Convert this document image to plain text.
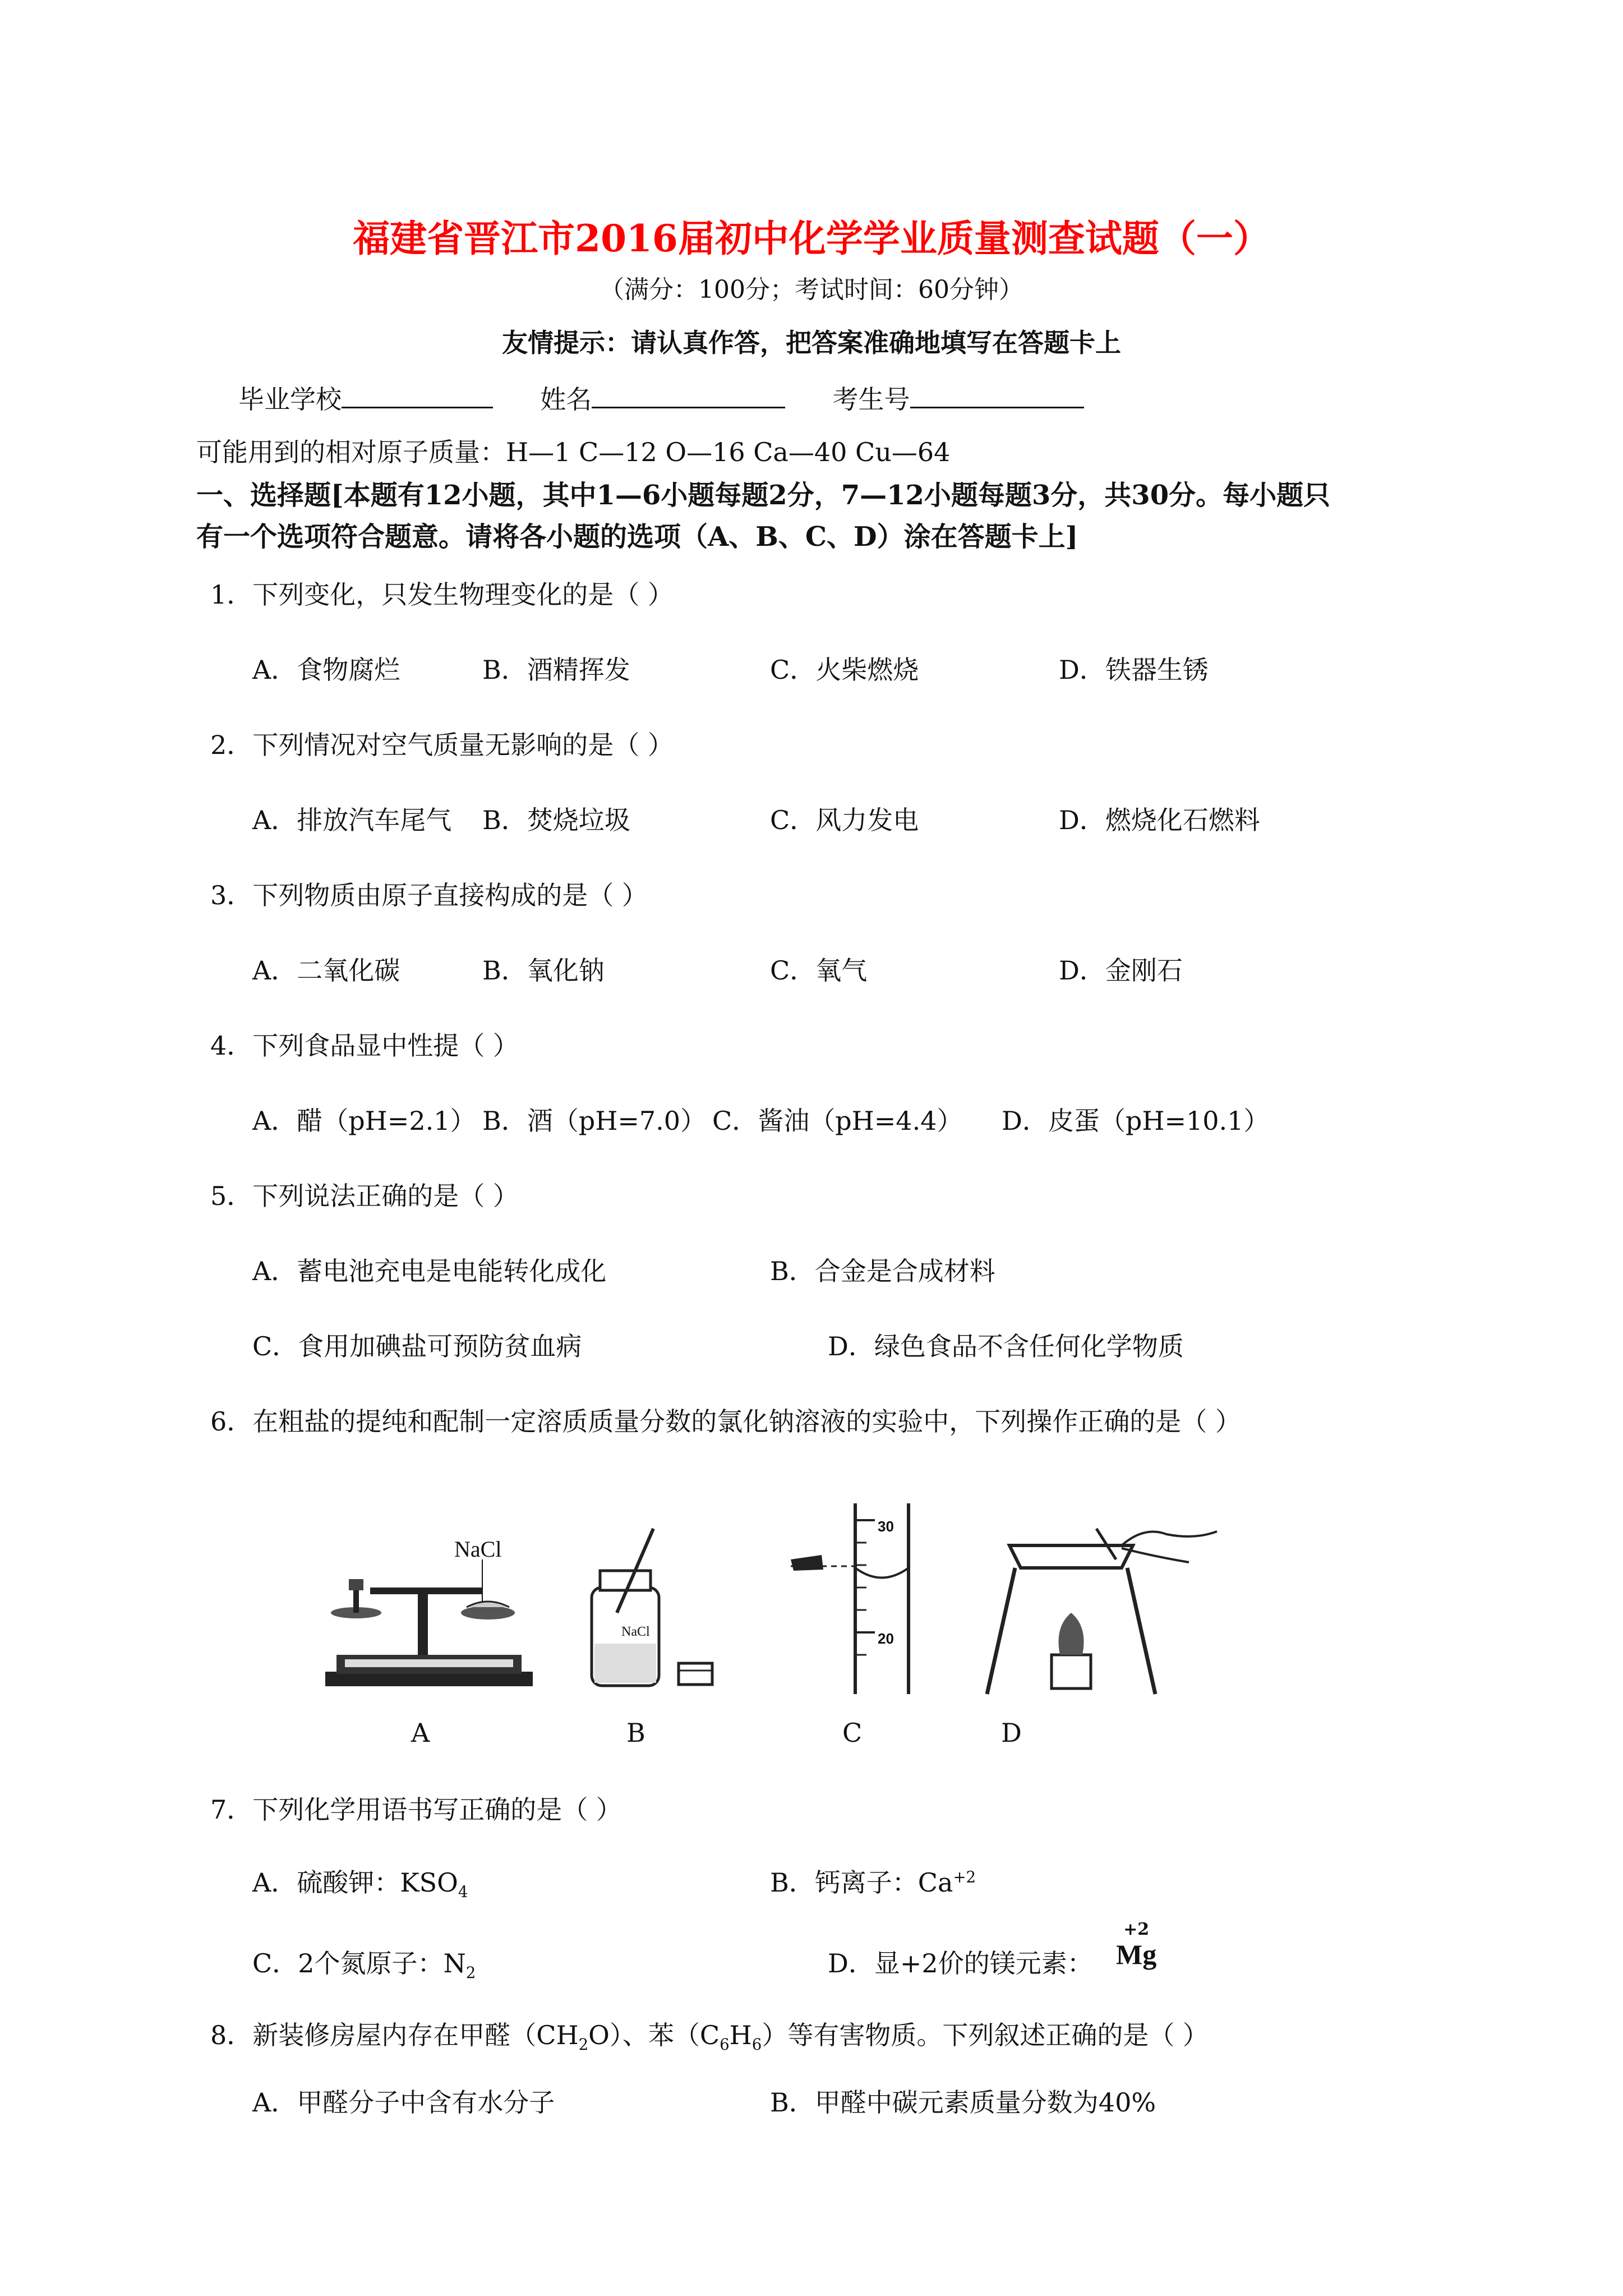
福建省晋江市2016届初中化学学业质量测查试题（一）
（满分：100分；考试时间：60分钟）
友情提示：请认真作答，把答案准确地填写在答题卡上
毕业学校	姓名	考生号
可能用到的相对原子质量：H—1 C—12 O—16 Ca—40 Cu—64
一、选择题[本题有12小题，其中1—6小题每题2分，7—12小题每题3分，共30分。每小题只
有一个选项符合题意。请将各小题的选项（A、B、C、D）涂在答题卡上]
1．下列变化，只发生物理变化的是（ ）
A．食物腐烂	B．酒精挥发	C．火柴燃烧	D．铁器生锈
2．下列情况对空气质量无影响的是（ ）
A．排放汽车尾气 B．焚烧垃圾	C．风力发电	D．燃烧化石燃料
3．下列物质由原子直接构成的是（ ）
A．二氧化碳	B．氧化钠	C．氧气	D．金刚石
4．下列食品显中性提（ ）
A．醋（pH=2.1） B．酒（pH=7.0） C．酱油（pH=4.4） D．皮蛋（pH=10.1）
5．下列说法正确的是（ ）
A．蓄电池充电是电能转化成化	B．合金是合成材料
C．食用加碘盐可预防贫血病	D．绿色食品不含任何化学物质
6．在粗盐的提纯和配制一定溶质质量分数的氯化钠溶液的实验中，下列操作正确的是（ ）
NaCl
NaCl
30
20
A	B	C	D
7．下列化学用语书写正确的是（ ）
A．硫酸钾：$KSO_4$	B．钙离子：$Ca^{+2}$
C．2个氮原子：$N_2$	D．显+2价的镁元素：
+2
Mg
8．新装修房屋内存在甲醛$(CH_2O)$、苯$(C_6H_6)$等有害物质。下列叙述正确的是（ ）
A．甲醛分子中含有水分子	B．甲醛中碳元素质量分数为40%
